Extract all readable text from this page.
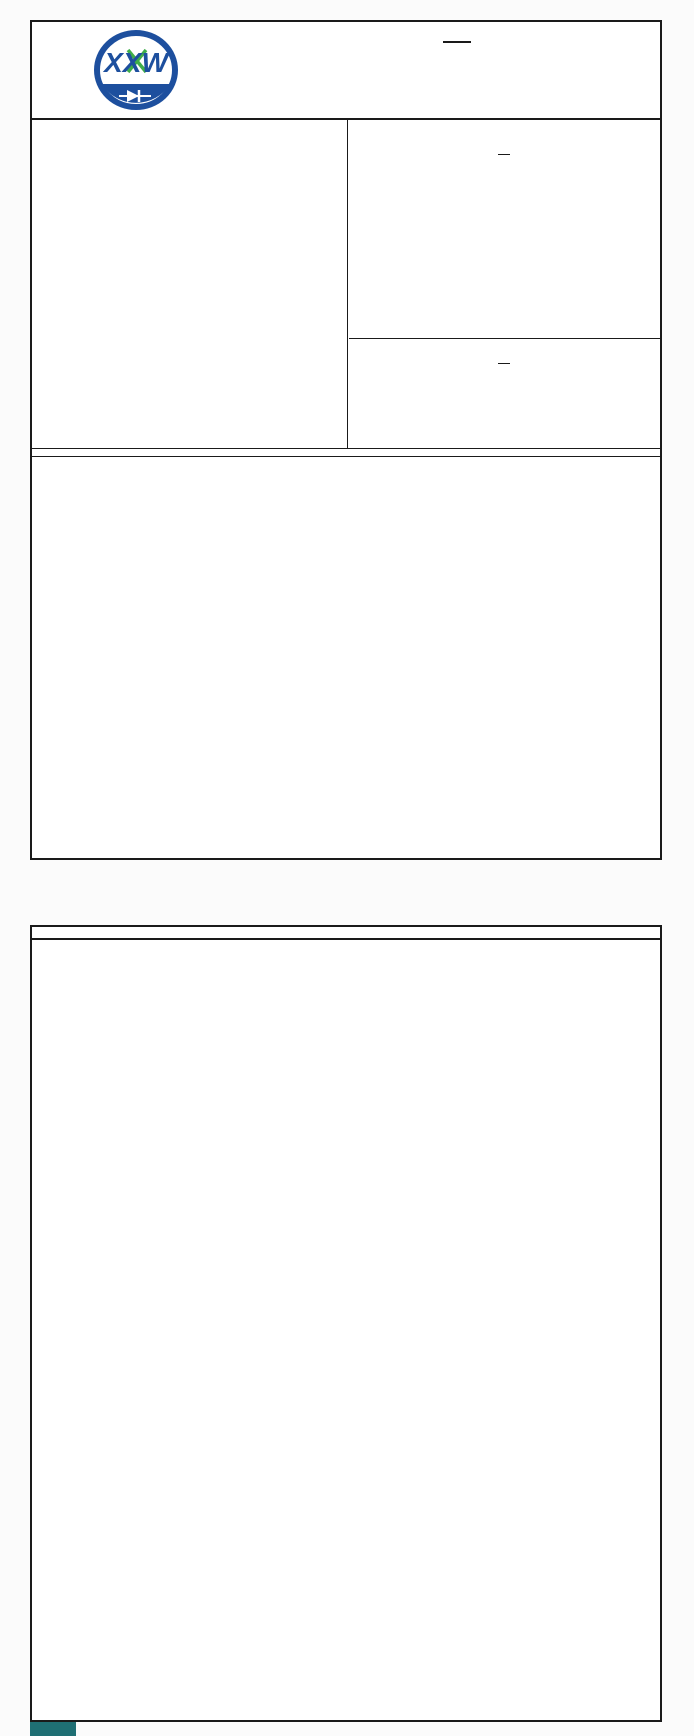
XXW
